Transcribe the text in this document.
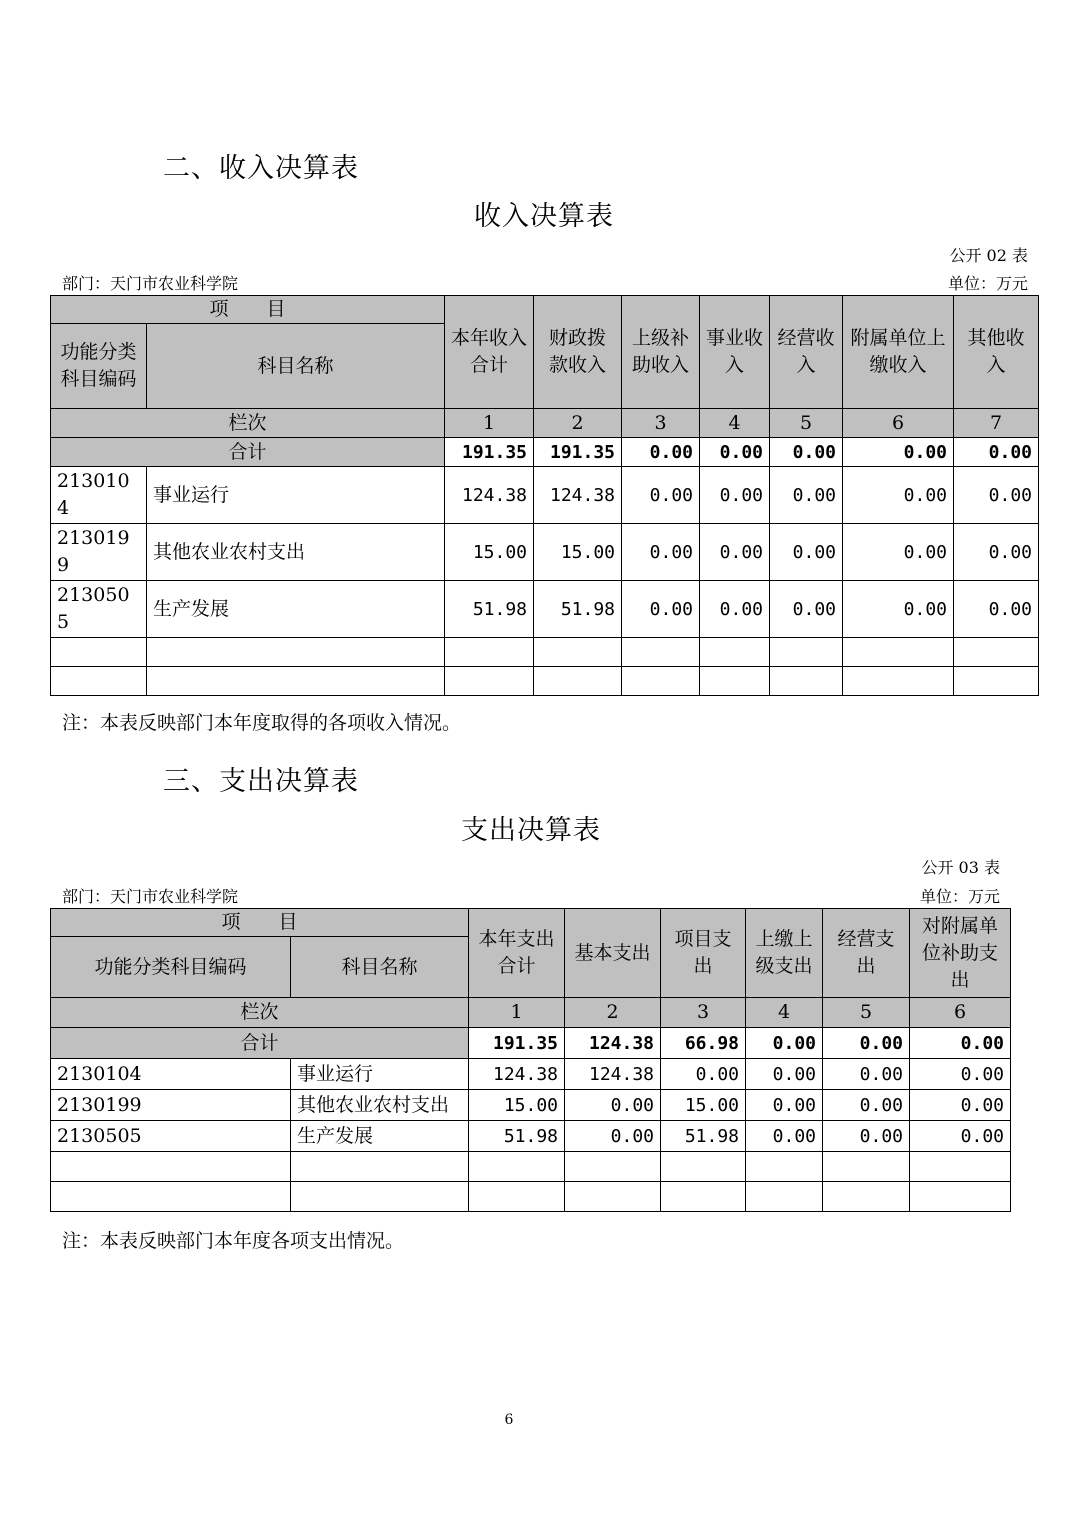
二、收入决算表
收入决算表
公开 02 表
部门：天门市农业科学院	单位：万元
项　　目		本年收入合计	财政拨款收入	上级补助收入	事业收入	经营收入	附属单位上缴收入	其他收入
功能分类科目编码	科目名称							
栏次		1	2	3	4	5	6	7
合计		191.35	191.35	0.00	0.00	0.00	0.00	0.00
2130104	事业运行	124.38	124.38	0.00	0.00	0.00	0.00	0.00
2130199	其他农业农村支出	15.00	15.00	0.00	0.00	0.00	0.00	0.00
2130505	生产发展	51.98	51.98	0.00	0.00	0.00	0.00	0.00

注：本表反映部门本年度取得的各项收入情况。
三、支出决算表
支出决算表
公开 03 表
部门：天门市农业科学院	单位：万元
项　　目		本年支出合计	基本支出	项目支出	上缴上级支出	经营支出	对附属单位补助支出
功能分类科目编码	科目名称						
栏次		1	2	3	4	5	6
合计		191.35	124.38	66.98	0.00	0.00	0.00
2130104	事业运行	124.38	124.38	0.00	0.00	0.00	0.00
2130199	其他农业农村支出	15.00	0.00	15.00	0.00	0.00	0.00
2130505	生产发展	51.98	0.00	51.98	0.00	0.00	0.00

注：本表反映部门本年度各项支出情况。
6
